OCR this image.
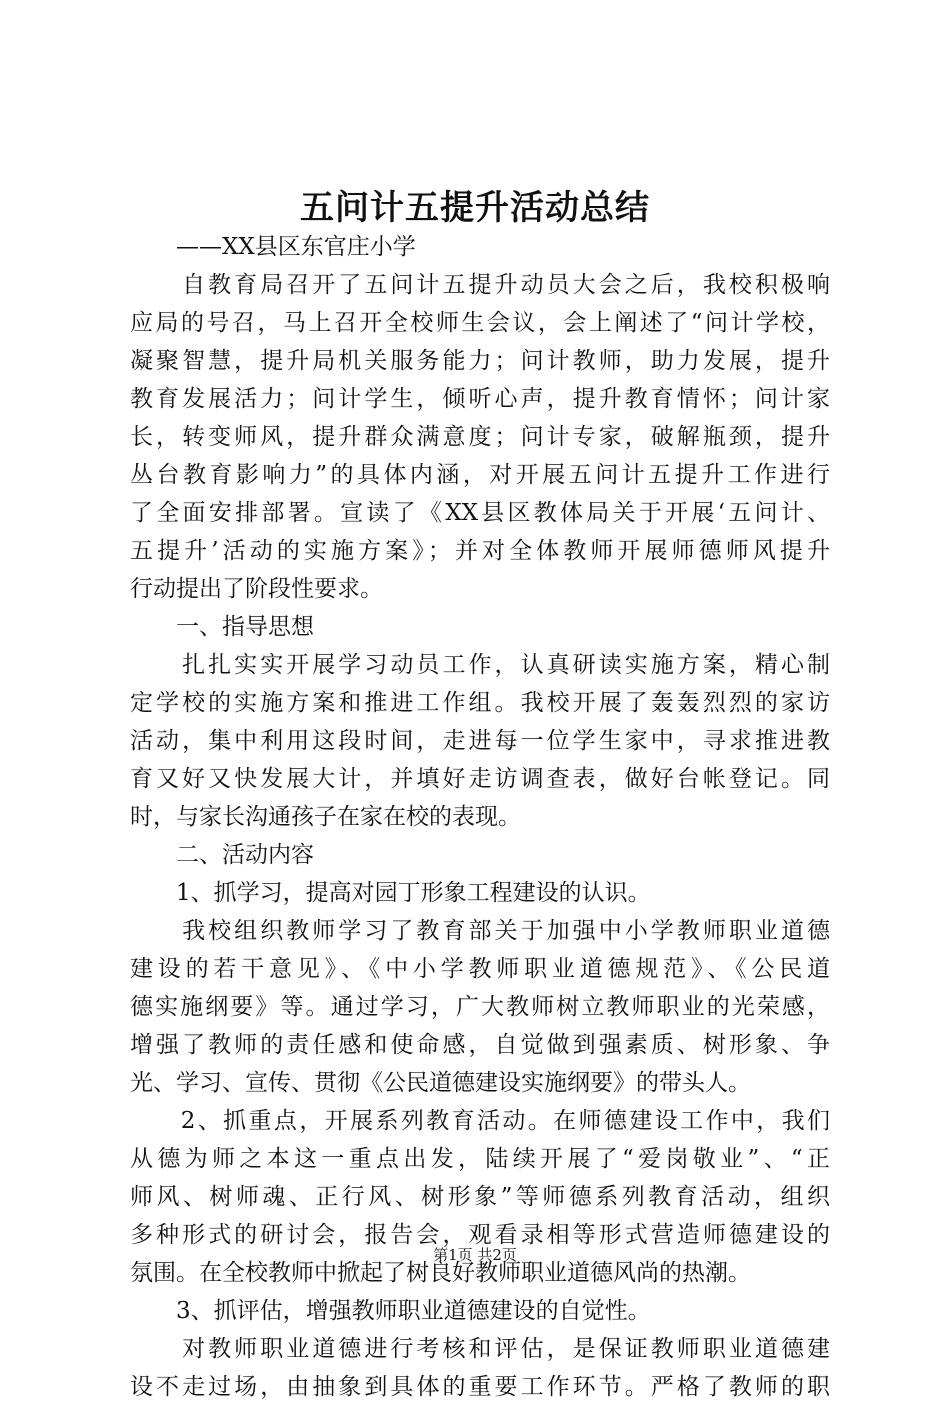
五问计五提升活动总结
　　——XX县区东官庄小学
　　自教育局召开了五问计五提升动员大会之后，我校积极响
应局的号召，马上召开全校师生会议，会上阐述了“问计学校，
凝聚智慧，提升局机关服务能力；问计教师，助力发展，提升
教育发展活力；问计学生，倾听心声，提升教育情怀；问计家
长，转变师风，提升群众满意度；问计专家，破解瓶颈，提升
丛台教育影响力”的具体内涵，对开展五问计五提升工作进行
了全面安排部署。宣读了《XX县区教体局关于开展‘五问计、
五提升’活动的实施方案》；并对全体教师开展师德师风提升
行动提出了阶段性要求。
　　一、指导思想
　　扎扎实实开展学习动员工作，认真研读实施方案，精心制
定学校的实施方案和推进工作组。我校开展了轰轰烈烈的家访
活动，集中利用这段时间，走进每一位学生家中，寻求推进教
育又好又快发展大计，并填好走访调查表，做好台帐登记。同
时，与家长沟通孩子在家在校的表现。
　　二、活动内容
　　1、抓学习，提高对园丁形象工程建设的认识。
　　我校组织教师学习了教育部关于加强中小学教师职业道德
建设的若干意见》、《中小学教师职业道德规范》、《公民道
德实施纲要》等。通过学习，广大教师树立教师职业的光荣感，
增强了教师的责任感和使命感，自觉做到强素质、树形象、争
光、学习、宣传、贯彻《公民道德建设实施纲要》的带头人。
　　2、抓重点，开展系列教育活动。在师德建设工作中，我们
从德为师之本这一重点出发，陆续开展了“爱岗敬业”、“正
师风、树师魂、正行风、树形象”等师德系列教育活动，组织
多种形式的研讨会，报告会，观看录相等形式营造师德建设的
氛围。在全校教师中掀起了树良好教师职业道德风尚的热潮。
　　3、抓评估，增强教师职业道德建设的自觉性。
　　对教师职业道德进行考核和评估，是保证教师职业道德建
设不走过场，由抽象到具体的重要工作环节。严格了教师的职
第1页 共2页
